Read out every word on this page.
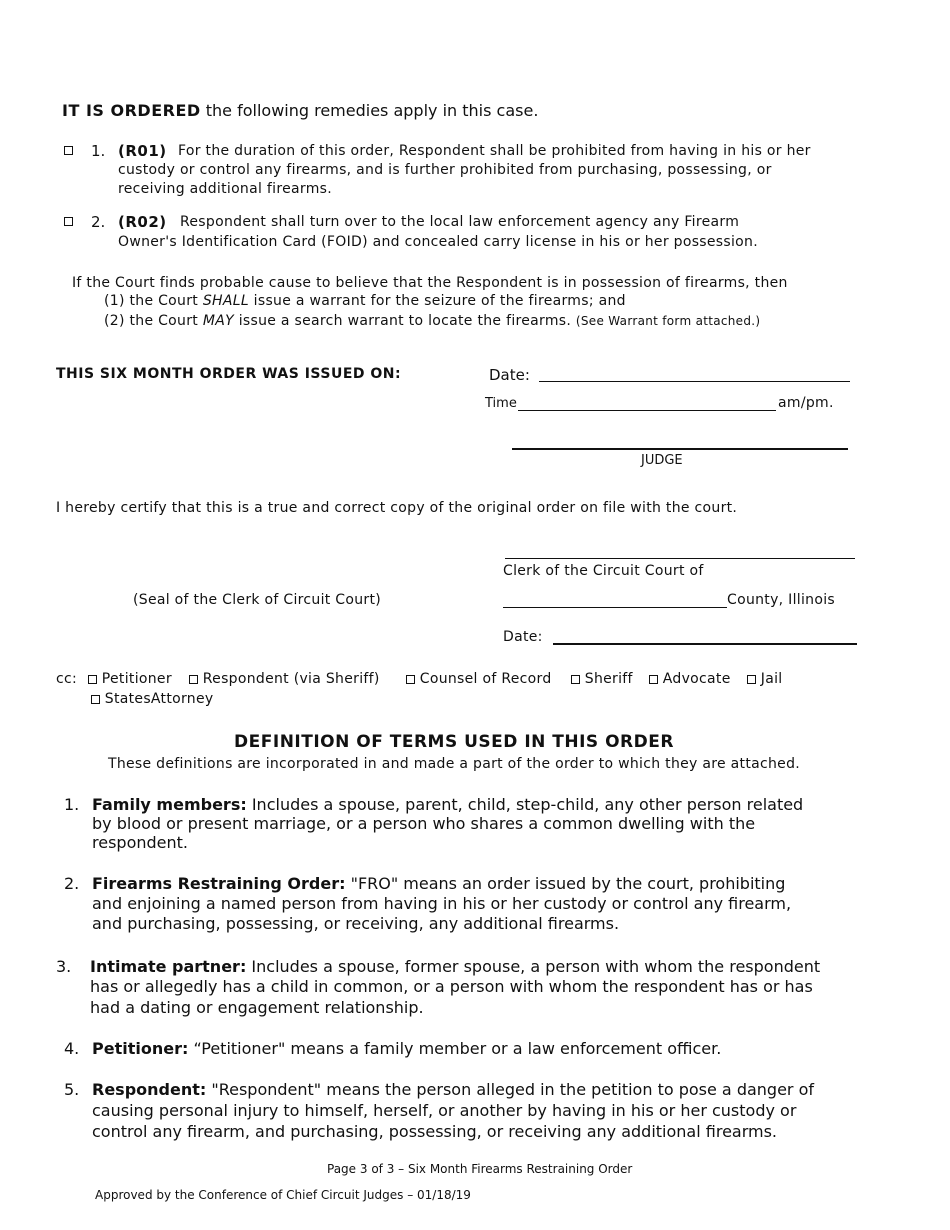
IT IS ORDERED the following remedies apply in this case.
1. (R01) For the duration of this order, Respondent shall be prohibited from having in his or her
custody or control any firearms, and is further prohibited from purchasing, possessing, or
receiving additional firearms.
2. (R02) Respondent shall turn over to the local law enforcement agency any Firearm
Owner's Identification Card (FOID) and concealed carry license in his or her possession.
If the Court finds probable cause to believe that the Respondent is in possession of firearms, then
(1) the Court SHALL issue a warrant for the seizure of the firearms; and
(2) the Court MAY issue a search warrant to locate the firearms. (See Warrant form attached.)
THIS SIX MONTH ORDER WAS ISSUED ON:	Date:
Time	am/pm.
JUDGE
I hereby certify that this is a true and correct copy of the original order on file with the court.
Clerk of the Circuit Court of
(Seal of the Clerk of Circuit Court)	County, Illinois
Date:
cc:	Petitioner	Respondent (via Sheriff)	Counsel of Record	Sheriff	Advocate	Jail
StatesAttorney
DEFINITION OF TERMS USED IN THIS ORDER
These definitions are incorporated in and made a part of the order to which they are attached.
1. Family members: Includes a spouse, parent, child, step-child, any other person related
by blood or present marriage, or a person who shares a common dwelling with the
respondent.
2. Firearms Restraining Order: "FRO" means an order issued by the court, prohibiting
and enjoining a named person from having in his or her custody or control any firearm,
and purchasing, possessing, or receiving, any additional firearms.
3. Intimate partner: Includes a spouse, former spouse, a person with whom the respondent
has or allegedly has a child in common, or a person with whom the respondent has or has
had a dating or engagement relationship.
4. Petitioner: “Petitioner" means a family member or a law enforcement officer.
5. Respondent: "Respondent" means the person alleged in the petition to pose a danger of
causing personal injury to himself, herself, or another by having in his or her custody or
control any firearm, and purchasing, possessing, or receiving any additional firearms.
Page 3 of 3 – Six Month Firearms Restraining Order
Approved by the Conference of Chief Circuit Judges – 01/18/19
